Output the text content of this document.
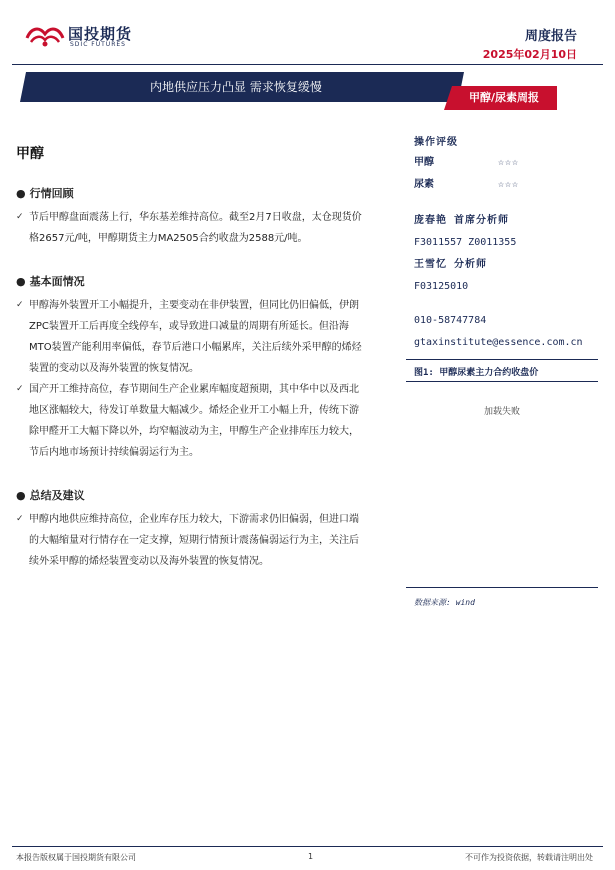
国投期货
SDIC FUTURES
周度报告
2025年02月10日
内地供应压力凸显 需求恢复缓慢
甲醇/尿素周报
甲醇
● 行情回顾
✓ 节后甲醇盘面震荡上行，华东基差维持高位。截至2月7日收盘，太仓现货价格2657元/吨，甲醇期货主力MA2505合约收盘为2588元/吨。
● 基本面情况
✓ 甲醇海外装置开工小幅提升，主要变动在非伊装置，但同比仍旧偏低，伊朗ZPC装置开工后再度全线停车，或导致进口减量的周期有所延长。但沿海MTO装置产能利用率偏低，春节后港口小幅累库，关注后续外采甲醇的烯烃装置的变动以及海外装置的恢复情况。
✓ 国产开工维持高位，春节期间生产企业累库幅度超预期，其中华中以及西北地区涨幅较大，待发订单数量大幅减少。烯烃企业开工小幅上升，传统下游除甲醛开工大幅下降以外，均窄幅波动为主，甲醇生产企业排库压力较大，节后内地市场预计持续偏弱运行为主。
● 总结及建议
✓ 甲醇内地供应维持高位，企业库存压力较大，下游需求仍旧偏弱，但进口端的大幅缩量对行情存在一定支撑，短期行情预计震荡偏弱运行为主，关注后续外采甲醇的烯烃装置变动以及海外装置的恢复情况。
操作评级
甲醇	☆☆☆
尿素	☆☆☆
庞春艳 首席分析师
F3011557 Z0011355
王雪忆 分析师
F03125010
010-58747784
gtaxinstitute@essence.com.cn
图1: 甲醇尿素主力合约收盘价
加载失败
数据来源: wind
本报告版权属于国投期货有限公司	1	不可作为投资依据，转载请注明出处
